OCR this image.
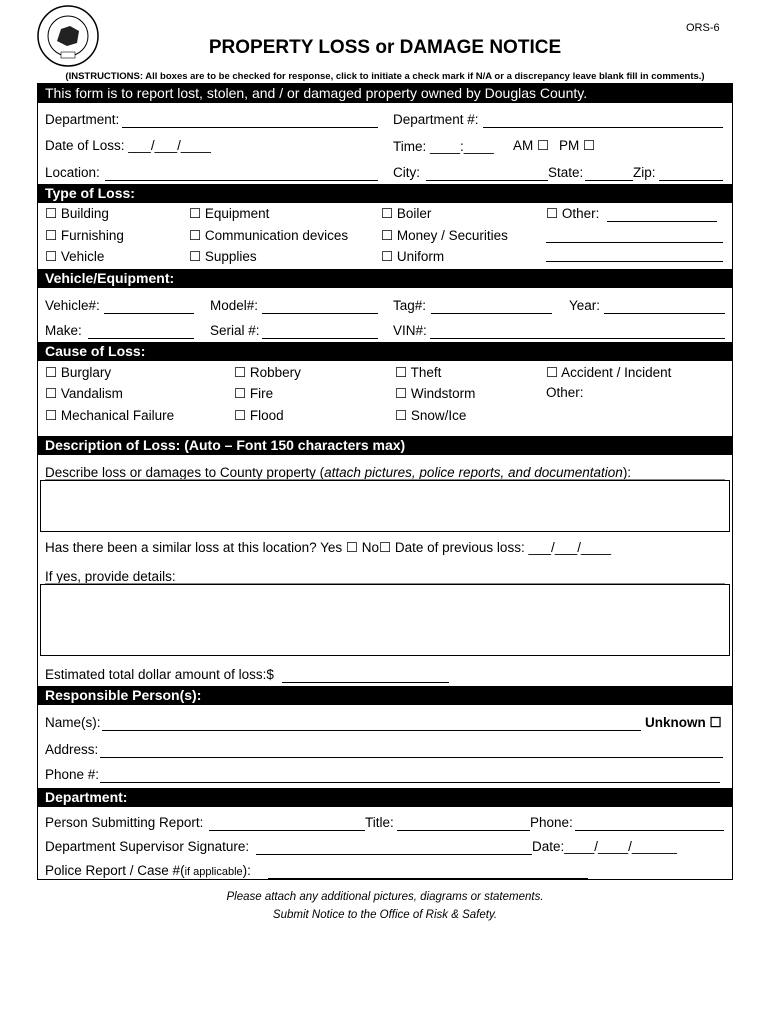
ORS-6
PROPERTY LOSS or DAMAGE NOTICE
(INSTRUCTIONS: All boxes are to be checked for response, click to initiate a check mark if N/A or a discrepancy leave blank fill in comments.)
This form is to report lost, stolen, and / or damaged property owned by Douglas County.
Department:	Department #:
Date of Loss: ___/___/____	Time: ____:____ AM ☐ PM ☐
Location:	City:	State:	Zip:
Type of Loss:
☐ Building	☐ Equipment	☐ Boiler	☐ Other:
☐ Furnishing	☐ Communication devices ☐ Money / Securities
☐ Vehicle	☐ Supplies	☐ Uniform
Vehicle/Equipment:
Vehicle#:	Model#:	Tag#:	Year:
Make:	Serial #:	VIN#:
Cause of Loss:
☐ Burglary	☐ Robbery	☐ Theft	☐ Accident / Incident
☐ Vandalism	☐ Fire	☐ Windstorm	Other:
☐ Mechanical Failure	☐ Flood	☐ Snow/Ice
Description of Loss: (Auto – Font 150 characters max)
Describe loss or damages to County property (attach pictures, police reports, and documentation):
Has there been a similar loss at this location? Yes ☐ No☐ Date of previous loss: ___/___/____
If yes, provide details:
Estimated total dollar amount of loss:$
Responsible Person(s):
Name(s):	Unknown ☐
Address:
Phone #:
Department:
Person Submitting Report:	Title:	Phone:
Department Supervisor Signature:	Date:____/____/______
Police Report / Case #(if applicable):
Please attach any additional pictures, diagrams or statements.
Submit Notice to the Office of Risk & Safety.
